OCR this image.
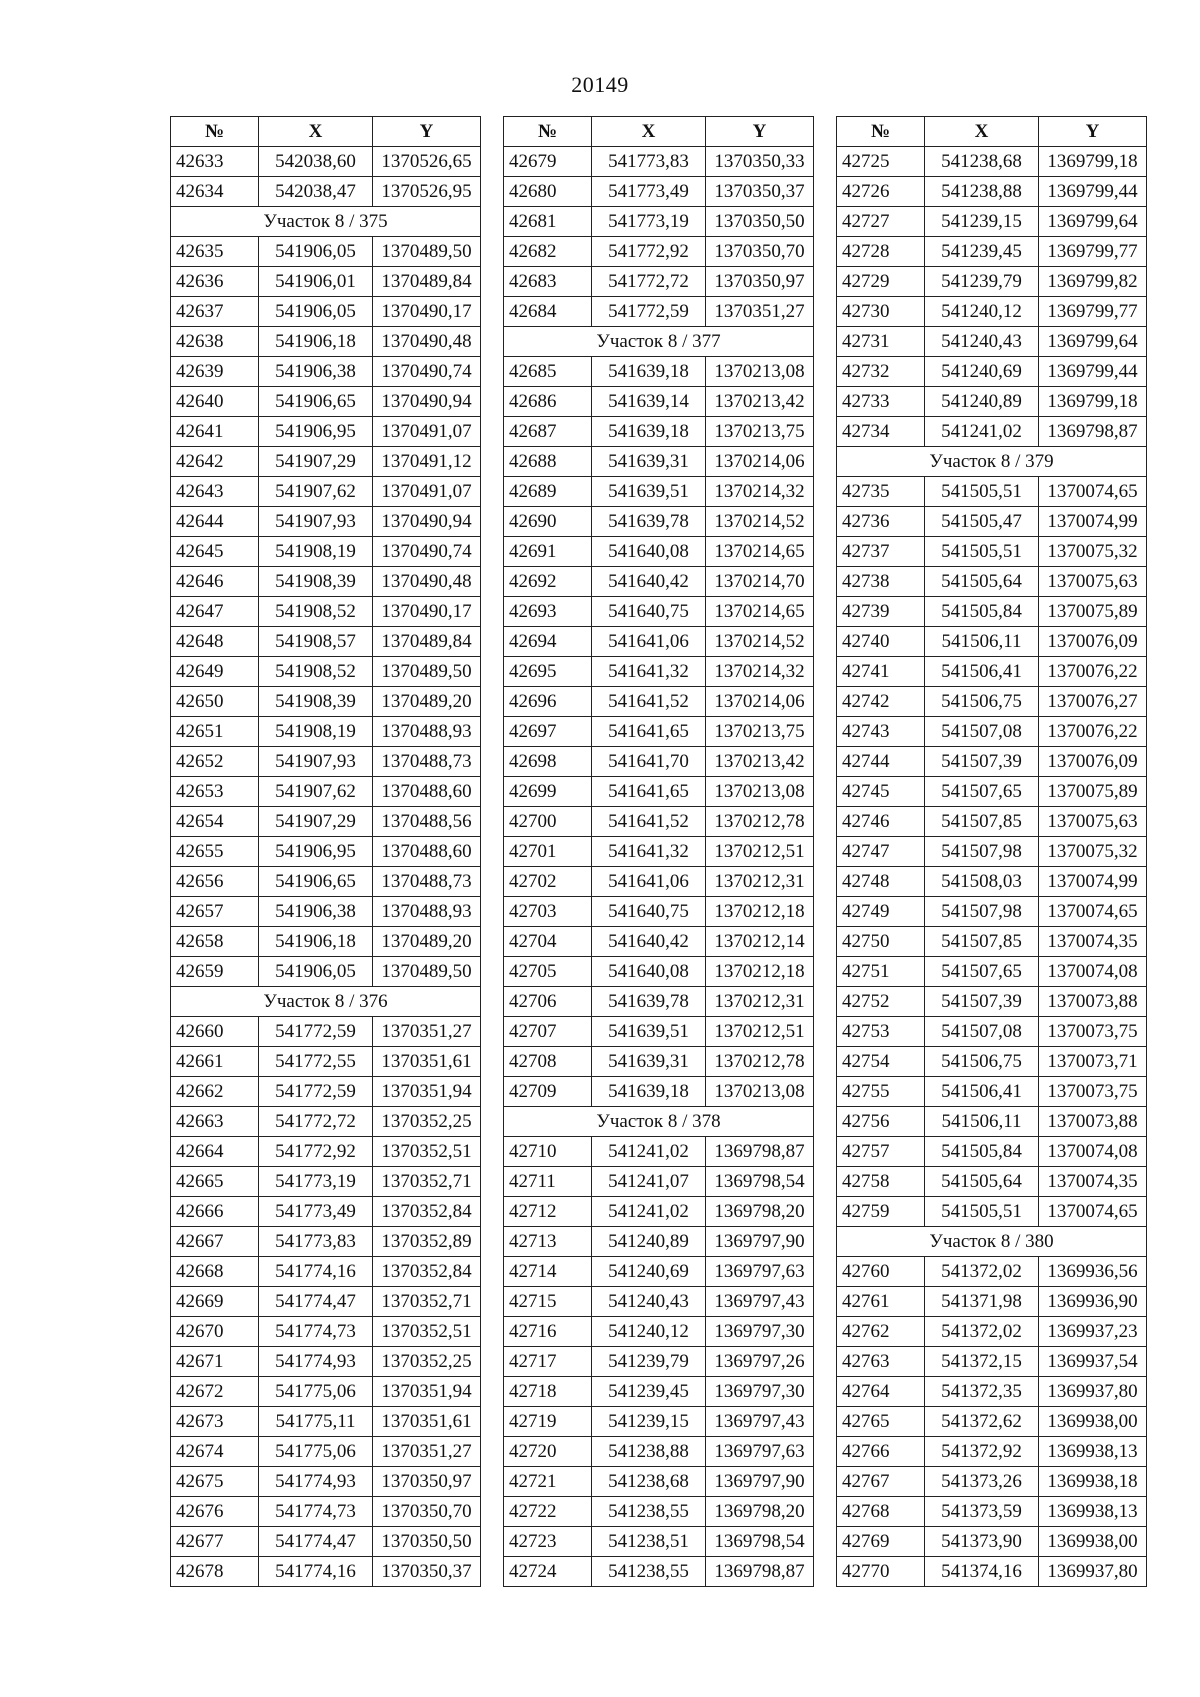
20149
№	X	Y
42633	542038,60	1370526,65
42634	542038,47	1370526,95
Участок 8 / 375		
42635	541906,05	1370489,50
42636	541906,01	1370489,84
42637	541906,05	1370490,17
42638	541906,18	1370490,48
42639	541906,38	1370490,74
42640	541906,65	1370490,94
42641	541906,95	1370491,07
42642	541907,29	1370491,12
42643	541907,62	1370491,07
42644	541907,93	1370490,94
42645	541908,19	1370490,74
42646	541908,39	1370490,48
42647	541908,52	1370490,17
42648	541908,57	1370489,84
42649	541908,52	1370489,50
42650	541908,39	1370489,20
42651	541908,19	1370488,93
42652	541907,93	1370488,73
42653	541907,62	1370488,60
42654	541907,29	1370488,56
42655	541906,95	1370488,60
42656	541906,65	1370488,73
42657	541906,38	1370488,93
42658	541906,18	1370489,20
42659	541906,05	1370489,50
Участок 8 / 376		
42660	541772,59	1370351,27
42661	541772,55	1370351,61
42662	541772,59	1370351,94
42663	541772,72	1370352,25
42664	541772,92	1370352,51
42665	541773,19	1370352,71
42666	541773,49	1370352,84
42667	541773,83	1370352,89
42668	541774,16	1370352,84
42669	541774,47	1370352,71
42670	541774,73	1370352,51
42671	541774,93	1370352,25
42672	541775,06	1370351,94
42673	541775,11	1370351,61
42674	541775,06	1370351,27
42675	541774,93	1370350,97
42676	541774,73	1370350,70
42677	541774,47	1370350,50
42678	541774,16	1370350,37
№	X	Y
42679	541773,83	1370350,33
42680	541773,49	1370350,37
42681	541773,19	1370350,50
42682	541772,92	1370350,70
42683	541772,72	1370350,97
42684	541772,59	1370351,27
Участок 8 / 377		
42685	541639,18	1370213,08
42686	541639,14	1370213,42
42687	541639,18	1370213,75
42688	541639,31	1370214,06
42689	541639,51	1370214,32
42690	541639,78	1370214,52
42691	541640,08	1370214,65
42692	541640,42	1370214,70
42693	541640,75	1370214,65
42694	541641,06	1370214,52
42695	541641,32	1370214,32
42696	541641,52	1370214,06
42697	541641,65	1370213,75
42698	541641,70	1370213,42
42699	541641,65	1370213,08
42700	541641,52	1370212,78
42701	541641,32	1370212,51
42702	541641,06	1370212,31
42703	541640,75	1370212,18
42704	541640,42	1370212,14
42705	541640,08	1370212,18
42706	541639,78	1370212,31
42707	541639,51	1370212,51
42708	541639,31	1370212,78
42709	541639,18	1370213,08
Участок 8 / 378		
42710	541241,02	1369798,87
42711	541241,07	1369798,54
42712	541241,02	1369798,20
42713	541240,89	1369797,90
42714	541240,69	1369797,63
42715	541240,43	1369797,43
42716	541240,12	1369797,30
42717	541239,79	1369797,26
42718	541239,45	1369797,30
42719	541239,15	1369797,43
42720	541238,88	1369797,63
42721	541238,68	1369797,90
42722	541238,55	1369798,20
42723	541238,51	1369798,54
42724	541238,55	1369798,87
№	X	Y
42725	541238,68	1369799,18
42726	541238,88	1369799,44
42727	541239,15	1369799,64
42728	541239,45	1369799,77
42729	541239,79	1369799,82
42730	541240,12	1369799,77
42731	541240,43	1369799,64
42732	541240,69	1369799,44
42733	541240,89	1369799,18
42734	541241,02	1369798,87
Участок 8 / 379		
42735	541505,51	1370074,65
42736	541505,47	1370074,99
42737	541505,51	1370075,32
42738	541505,64	1370075,63
42739	541505,84	1370075,89
42740	541506,11	1370076,09
42741	541506,41	1370076,22
42742	541506,75	1370076,27
42743	541507,08	1370076,22
42744	541507,39	1370076,09
42745	541507,65	1370075,89
42746	541507,85	1370075,63
42747	541507,98	1370075,32
42748	541508,03	1370074,99
42749	541507,98	1370074,65
42750	541507,85	1370074,35
42751	541507,65	1370074,08
42752	541507,39	1370073,88
42753	541507,08	1370073,75
42754	541506,75	1370073,71
42755	541506,41	1370073,75
42756	541506,11	1370073,88
42757	541505,84	1370074,08
42758	541505,64	1370074,35
42759	541505,51	1370074,65
Участок 8 / 380		
42760	541372,02	1369936,56
42761	541371,98	1369936,90
42762	541372,02	1369937,23
42763	541372,15	1369937,54
42764	541372,35	1369937,80
42765	541372,62	1369938,00
42766	541372,92	1369938,13
42767	541373,26	1369938,18
42768	541373,59	1369938,13
42769	541373,90	1369938,00
42770	541374,16	1369937,80
